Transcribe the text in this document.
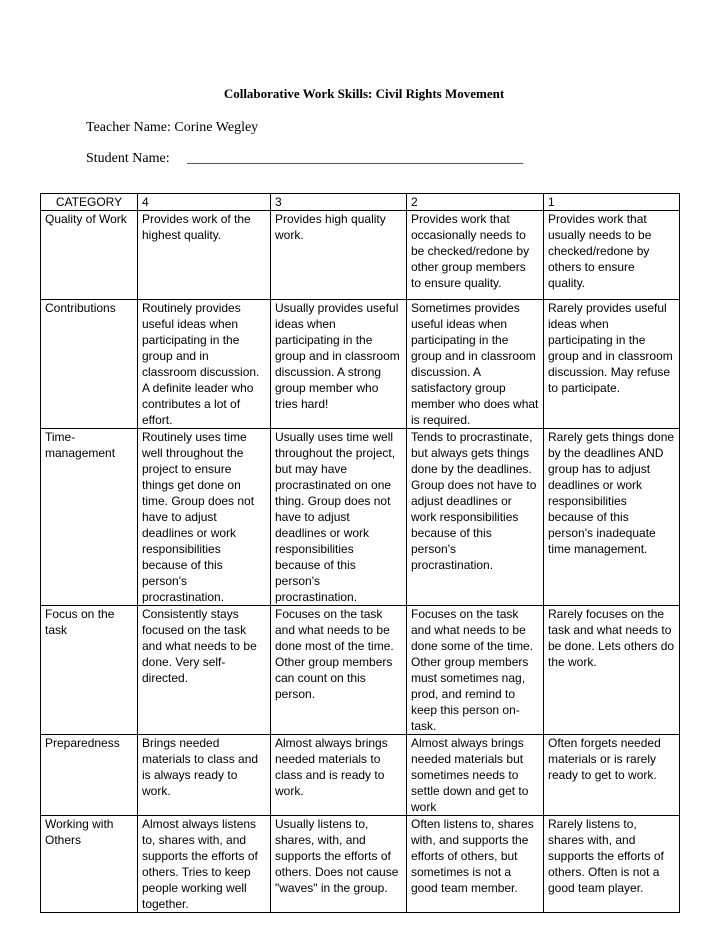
Collaborative Work Skills: Civil Rights Movement
Teacher Name: Corine Wegley
Student Name:     ________________________________________________
CATEGORY	4	3	2	1
Quality of Work	Provides work of the highest quality.	Provides high quality work.	Provides work that occasionally needs to be checked/redone by other group members to ensure quality.	Provides work that usually needs to be checked/redone by others to ensure quality.
Contributions	Routinely provides useful ideas when participating in the group and in classroom discussion. A definite leader who contributes a lot of effort.	Usually provides useful ideas when participating in the group and in classroom discussion. A strong group member who tries hard!	Sometimes provides useful ideas when participating in the group and in classroom discussion. A satisfactory group member who does what is required.	Rarely provides useful ideas when participating in the group and in classroom discussion. May refuse to participate.
Time-management	Routinely uses time well throughout the project to ensure things get done on time. Group does not have to adjust deadlines or work responsibilities because of this person's procrastination.	Usually uses time well throughout the project, but may have procrastinated on one thing. Group does not have to adjust deadlines or work responsibilities because of this person's procrastination.	Tends to procrastinate, but always gets things done by the deadlines. Group does not have to adjust deadlines or work responsibilities because of this person's procrastination.	Rarely gets things done by the deadlines AND group has to adjust deadlines or work responsibilities because of this person's inadequate time management.
Focus on the task	Consistently stays focused on the task and what needs to be done. Very self-directed.	Focuses on the task and what needs to be done most of the time. Other group members can count on this person.	Focuses on the task and what needs to be done some of the time. Other group members must sometimes nag, prod, and remind to keep this person on-task.	Rarely focuses on the task and what needs to be done. Lets others do the work.
Preparedness	Brings needed materials to class and is always ready to work.	Almost always brings needed materials to class and is ready to work.	Almost always brings needed materials but sometimes needs to settle down and get to work	Often forgets needed materials or is rarely ready to get to work.
Working with Others	Almost always listens to, shares with, and supports the efforts of others. Tries to keep people working well together.	Usually listens to, shares, with, and supports the efforts of others. Does not cause "waves" in the group.	Often listens to, shares with, and supports the efforts of others, but sometimes is not a good team member.	Rarely listens to, shares with, and supports the efforts of others. Often is not a good team player.
